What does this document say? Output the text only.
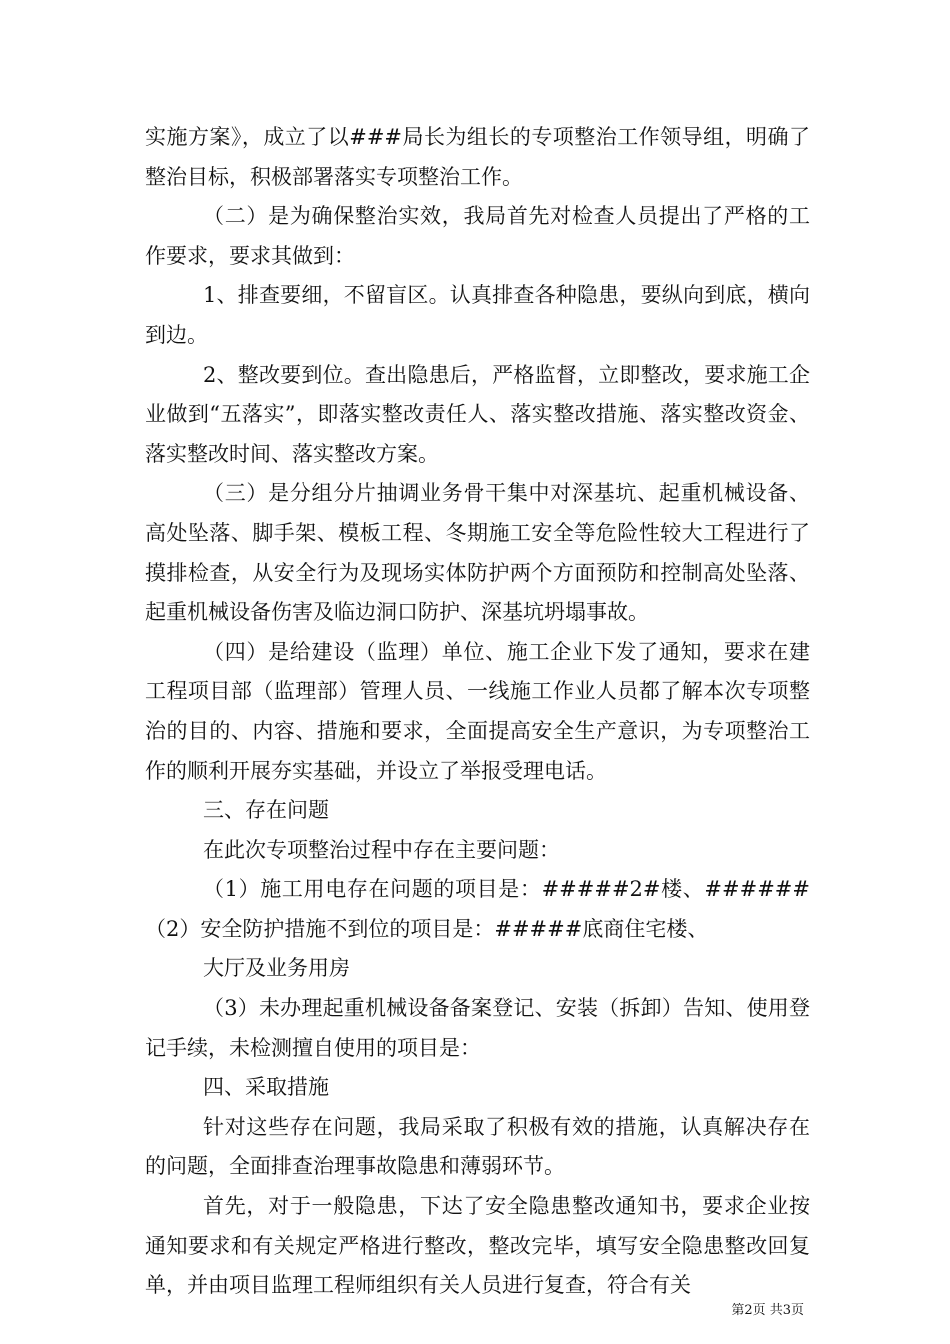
实施方案》，成立了以###局长为组长的专项整治工作领导组，明确了整治目标，积极部署落实专项整治工作。

（二）是为确保整治实效，我局首先对检查人员提出了严格的工作要求，要求其做到：

1、排查要细，不留盲区。认真排查各种隐患，要纵向到底，横向到边。

2、整改要到位。查出隐患后，严格监督，立即整改，要求施工企业做到“五落实”，即落实整改责任人、落实整改措施、落实整改资金、落实整改时间、落实整改方案。

（三）是分组分片抽调业务骨干集中对深基坑、起重机械设备、高处坠落、脚手架、模板工程、冬期施工安全等危险性较大工程进行了摸排检查，从安全行为及现场实体防护两个方面预防和控制高处坠落、起重机械设备伤害及临边洞口防护、深基坑坍塌事故。

（四）是给建设（监理）单位、施工企业下发了通知，要求在建工程项目部（监理部）管理人员、一线施工作业人员都了解本次专项整治的目的、内容、措施和要求，全面提高安全生产意识，为专项整治工作的顺利开展夯实基础，并设立了举报受理电话。

三、存在问题

在此次专项整治过程中存在主要问题：

（1）施工用电存在问题的项目是：#####2#楼、######（2）安全防护措施不到位的项目是：#####底商住宅楼、

大厅及业务用房

（3）未办理起重机械设备备案登记、安装（拆卸）告知、使用登记手续，未检测擅自使用的项目是：

四、采取措施

针对这些存在问题，我局采取了积极有效的措施，认真解决存在的问题，全面排查治理事故隐患和薄弱环节。

首先，对于一般隐患，下达了安全隐患整改通知书，要求企业按通知要求和有关规定严格进行整改，整改完毕，填写安全隐患整改回复单，并由项目监理工程师组织有关人员进行复查，符合有关

第2页 共3页
